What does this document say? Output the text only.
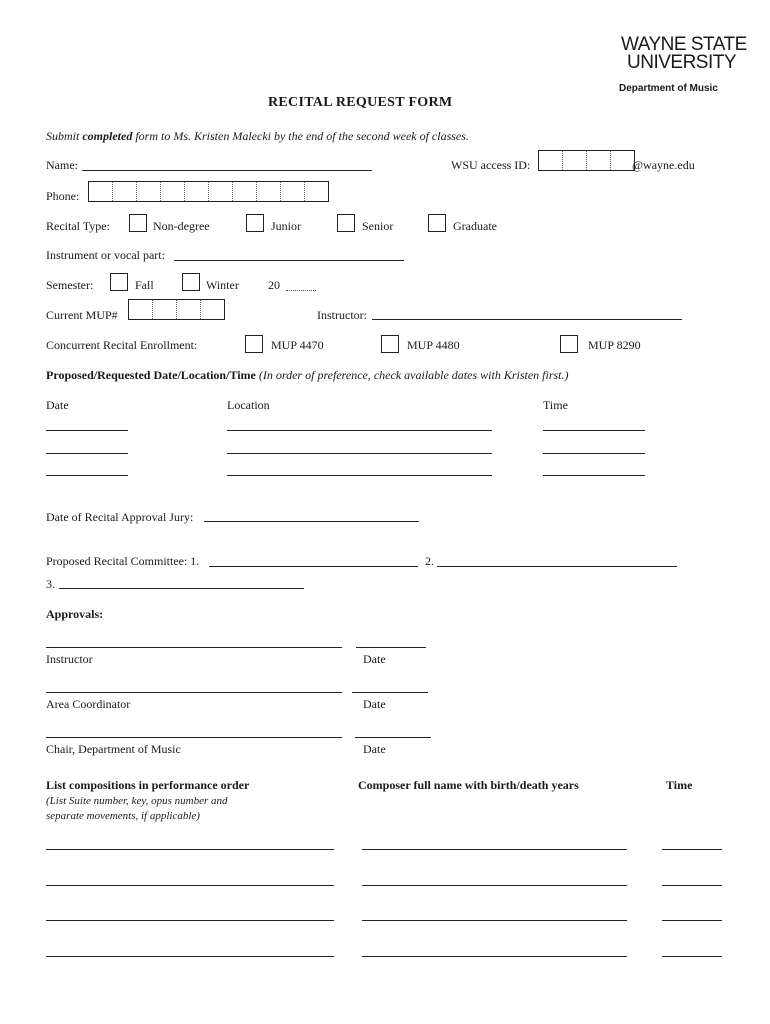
WAYNE STATE
UNIVERSITY
Department of Music
RECITAL REQUEST FORM
Submit completed form to Ms. Kristen Malecki by the end of the second week of classes.
Name:	WSU access ID:	@wayne.edu
Phone:
Recital Type:	Non-degree	Junior	Senior	Graduate
Instrument or vocal part:
Semester:	Fall	Winter 20
Current MUP#	Instructor:
Concurrent Recital Enrollment:	MUP 4470	MUP 4480	MUP 8290
Proposed/Requested Date/Location/Time (In order of preference, check available dates with Kristen first.)
Date	Location	Time
Date of Recital Approval Jury:
Proposed Recital Committee: 1.	2.
3.
Approvals:
Instructor	Date
Area Coordinator	Date
Chair, Department of Music	Date
List compositions in performance order
(List Suite number, key, opus number and
separate movements, if applicable)
Composer full name with birth/death years	Time
